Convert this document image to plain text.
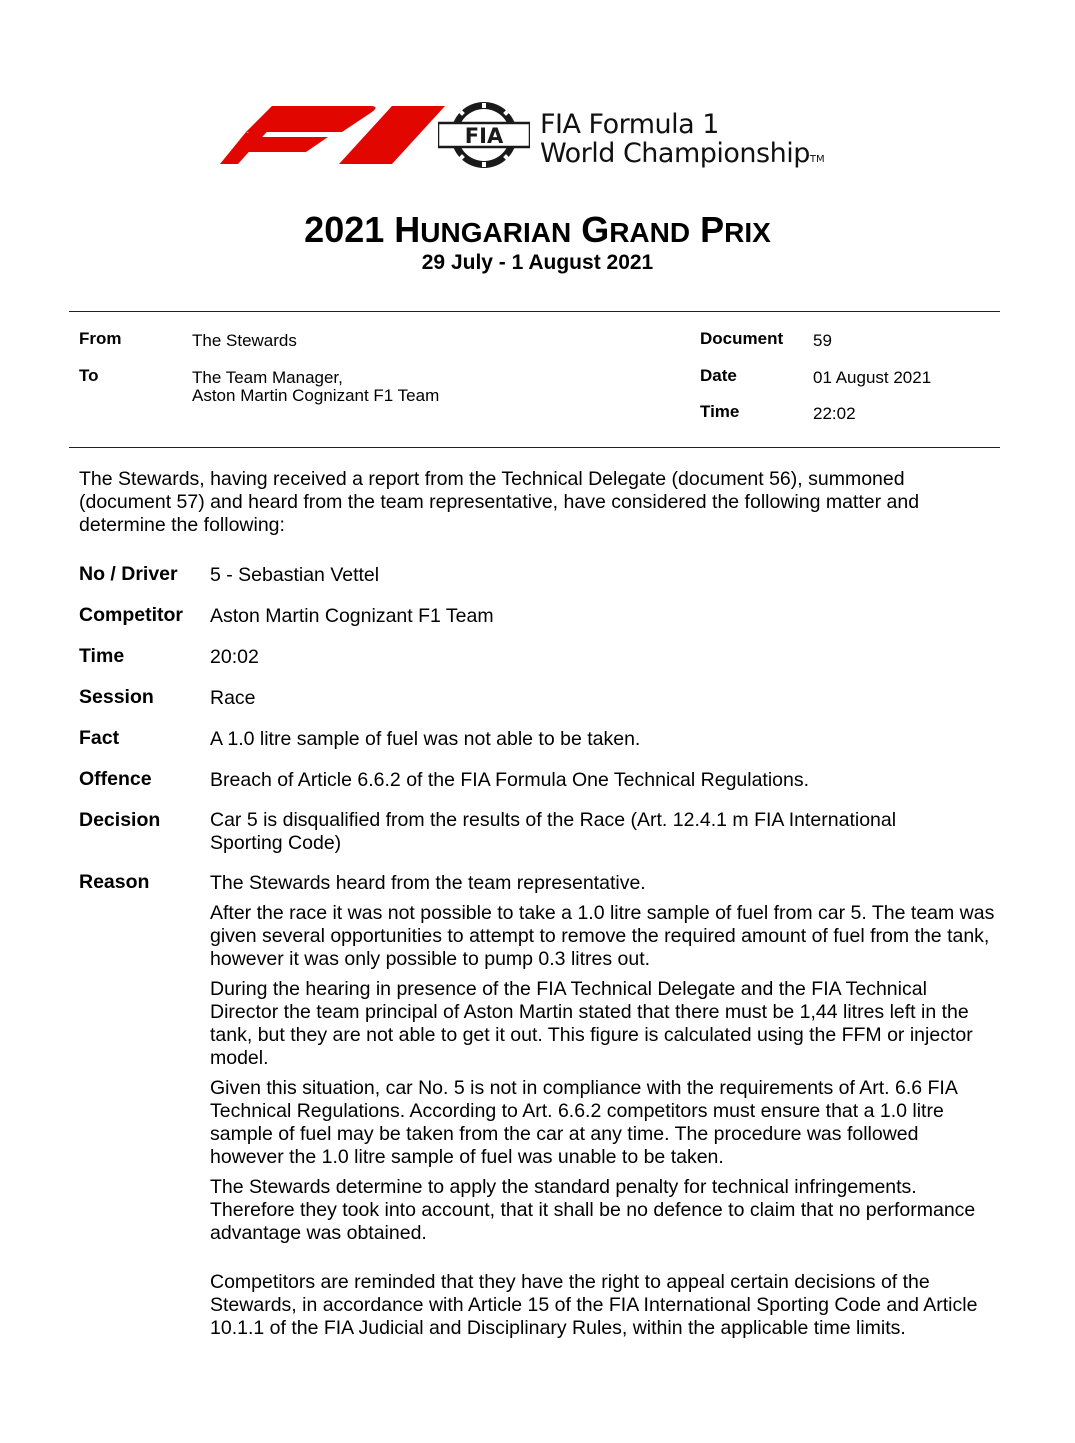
FIA FIA Formula 1
World ChampionshipTM
2021 HUNGARIAN GRAND PRIX
29 July - 1 August 2021
From	The Stewards
To	The Team Manager,
Aston Martin Cognizant F1 Team
Document 59
Date	01 August 2021
Time	22:02
The Stewards, having received a report from the Technical Delegate (document 56), summoned (document 57) and heard from the team representative, have considered the following matter and determine the following:
No / Driver 5 - Sebastian Vettel
Competitor Aston Martin Cognizant F1 Team
Time	20:02
Session	Race
Fact	A 1.0 litre sample of fuel was not able to be taken.
Offence	Breach of Article 6.6.2 of the FIA Formula One Technical Regulations.
Decision	Car 5 is disqualified from the results of the Race (Art. 12.4.1 m FIA International Sporting Code)
Reason	The Stewards heard from the team representative.

After the race it was not possible to take a 1.0 litre sample of fuel from car 5. The team was given several opportunities to attempt to remove the required amount of fuel from the tank, however it was only possible to pump 0.3 litres out.

During the hearing in presence of the FIA Technical Delegate and the FIA Technical Director the team principal of Aston Martin stated that there must be 1,44 litres left in the tank, but they are not able to get it out. This figure is calculated using the FFM or injector model.

Given this situation, car No. 5 is not in compliance with the requirements of Art. 6.6 FIA Technical Regulations. According to Art. 6.6.2 competitors must ensure that a 1.0 litre sample of fuel may be taken from the car at any time. The procedure was followed however the 1.0 litre sample of fuel was unable to be taken.

The Stewards determine to apply the standard penalty for technical infringements. Therefore they took into account, that it shall be no defence to claim that no performance advantage was obtained.

Competitors are reminded that they have the right to appeal certain decisions of the Stewards, in accordance with Article 15 of the FIA International Sporting Code and Article 10.1.1 of the FIA Judicial and Disciplinary Rules, within the applicable time limits.
